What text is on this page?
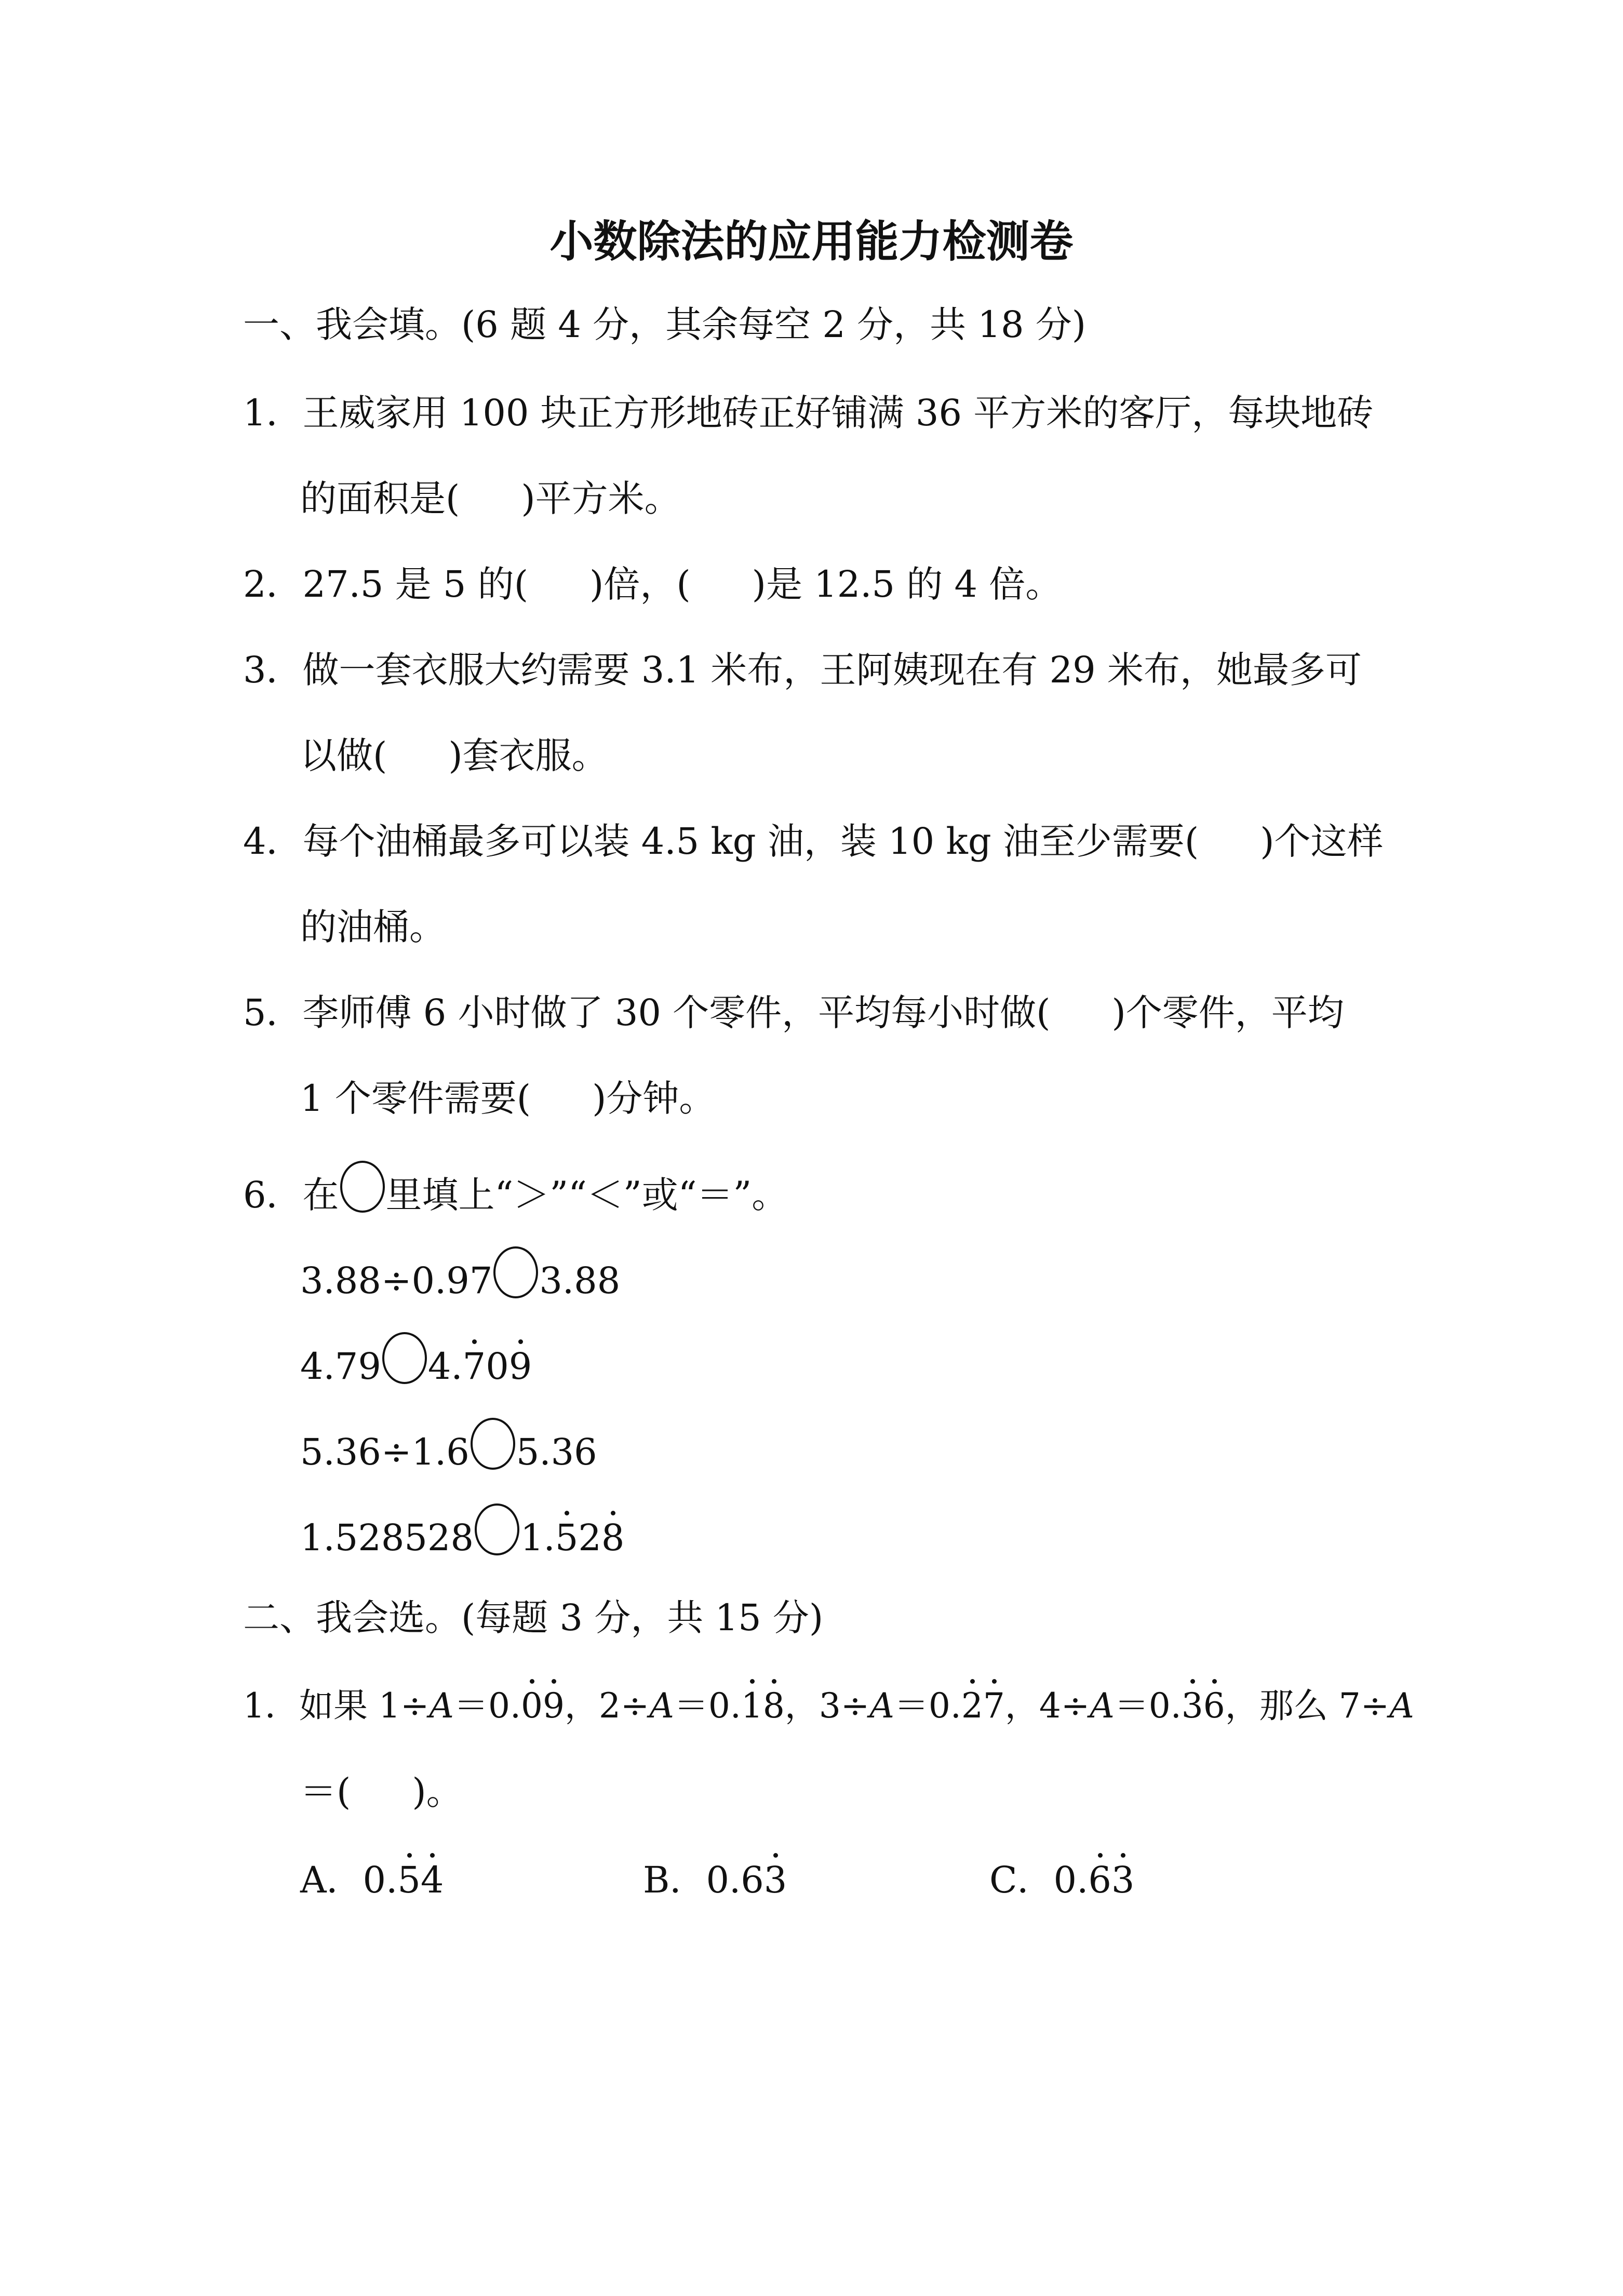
小数除法的应用能力检测卷
一、我会填。(6 题 4 分，其余每空 2 分，共 18 分)
1．王威家用 100 块正方形地砖正好铺满 36 平方米的客厅，每块地砖
的面积是( )平方米。
2．27.5 是 5 的( )倍，( )是 12.5 的 4 倍。
3．做一套衣服大约需要 3.1 米布，王阿姨现在有 29 米布，她最多可
以做( )套衣服。
4．每个油桶最多可以装 4.5 kg 油，装 10 kg 油至少需要( )个这样
的油桶。
5．李师傅 6 小时做了 30 个零件，平均每小时做( )个零件，平均
1 个零件需要( )分钟。
6．在 里填上“＞”“＜”或“＝”。
3.88÷0.97 3.88
4.79 4.709
5.36÷1.6 5.36
1.528528 1.528
二、我会选。(每题 3 分，共 15 分)
1．如果 1÷A＝0.09，2÷A＝0.18，3÷A＝0.27，4÷A＝0.36，那么 7÷A
＝( )。
A．0.54	B．0.63	C．0.63
